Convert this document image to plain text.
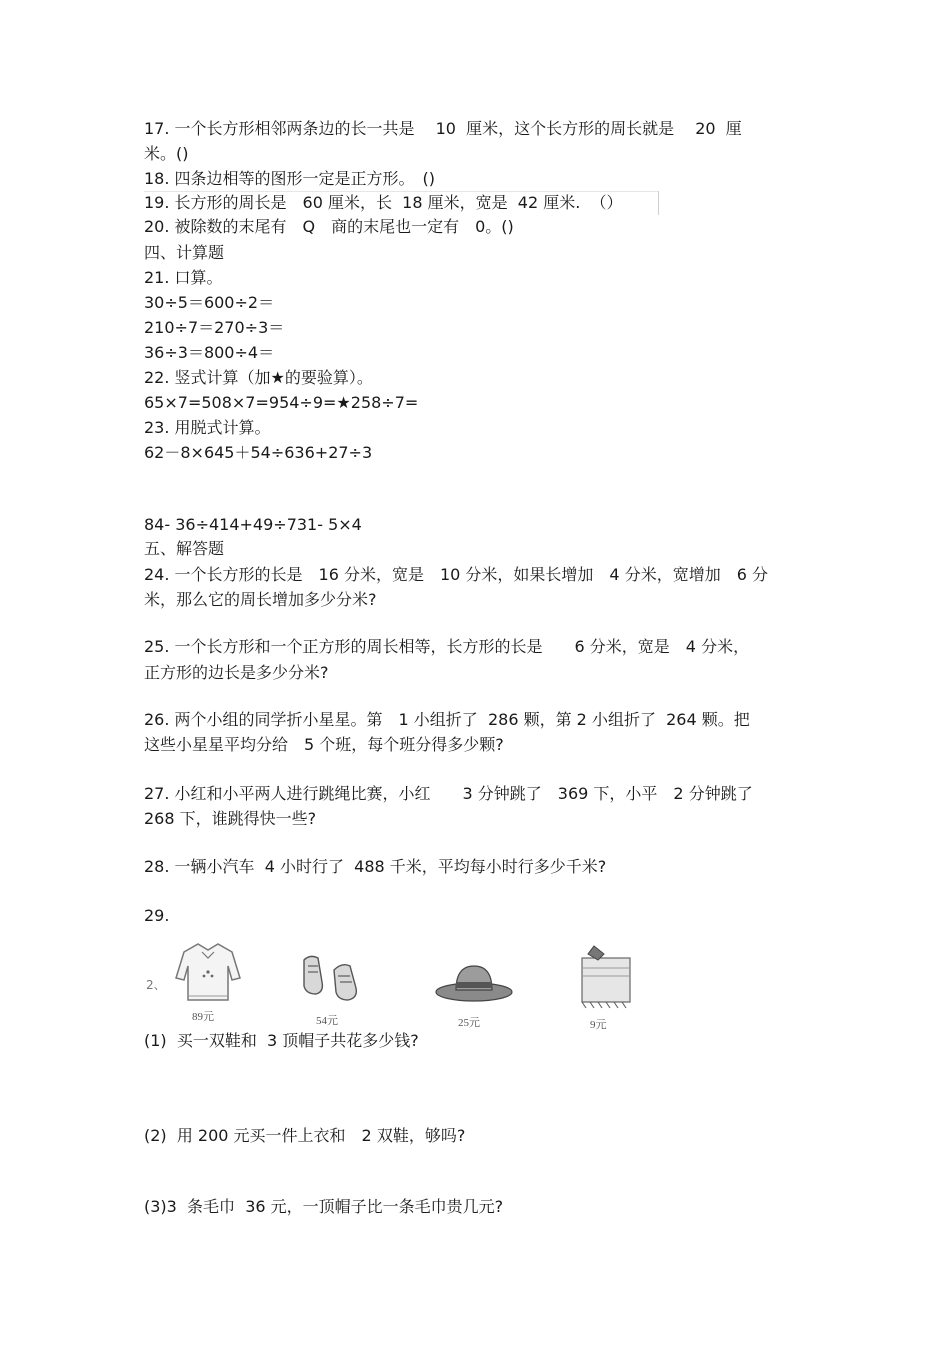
17. 一个长方形相邻两条边的长一共是　 10  厘米，这个长方形的周长就是　 20  厘
米。()
18. 四条边相等的图形一定是正方形。　()
19. 长方形的周长是　60 厘米，长  18 厘米，宽是  42 厘米.  （）
20. 被除数的末尾有　Q　商的末尾也一定有　0。()
四、计算题
21. 口算。
30÷5＝600÷2＝
210÷7＝270÷3＝
36÷3＝800÷4＝
22. 竖式计算（加★的要验算）。
65×7=508×7=954÷9=★258÷7=
23. 用脱式计算。
62－8×645＋54÷636+27÷3
84- 36÷414+49÷731- 5×4
五、解答题
24. 一个长方形的长是　16 分米，宽是　10 分米，如果长增加　4 分米，宽增加　6 分
米，那么它的周长增加多少分米?
25. 一个长方形和一个正方形的周长相等，长方形的长是　　6 分米，宽是　4 分米，
正方形的边长是多少分米?
26. 两个小组的同学折小星星。第　1 小组折了  286 颗，第 2 小组折了  264 颗。把
这些小星星平均分给　5 个班，每个班分得多少颗?
27. 小红和小平两人进行跳绳比赛，小红　　3 分钟跳了　369 下，小平　2 分钟跳了
268 下，谁跳得快一些?
28. 一辆小汽车  4 小时行了  488 千米，平均每小时行多少千米?
29.
2、
89元	54元	25元	9元
(1)  买一双鞋和  3 顶帽子共花多少钱?
(2)  用 200 元买一件上衣和　2 双鞋，够吗?
(3)3  条毛巾  36 元，一顶帽子比一条毛巾贵几元?
